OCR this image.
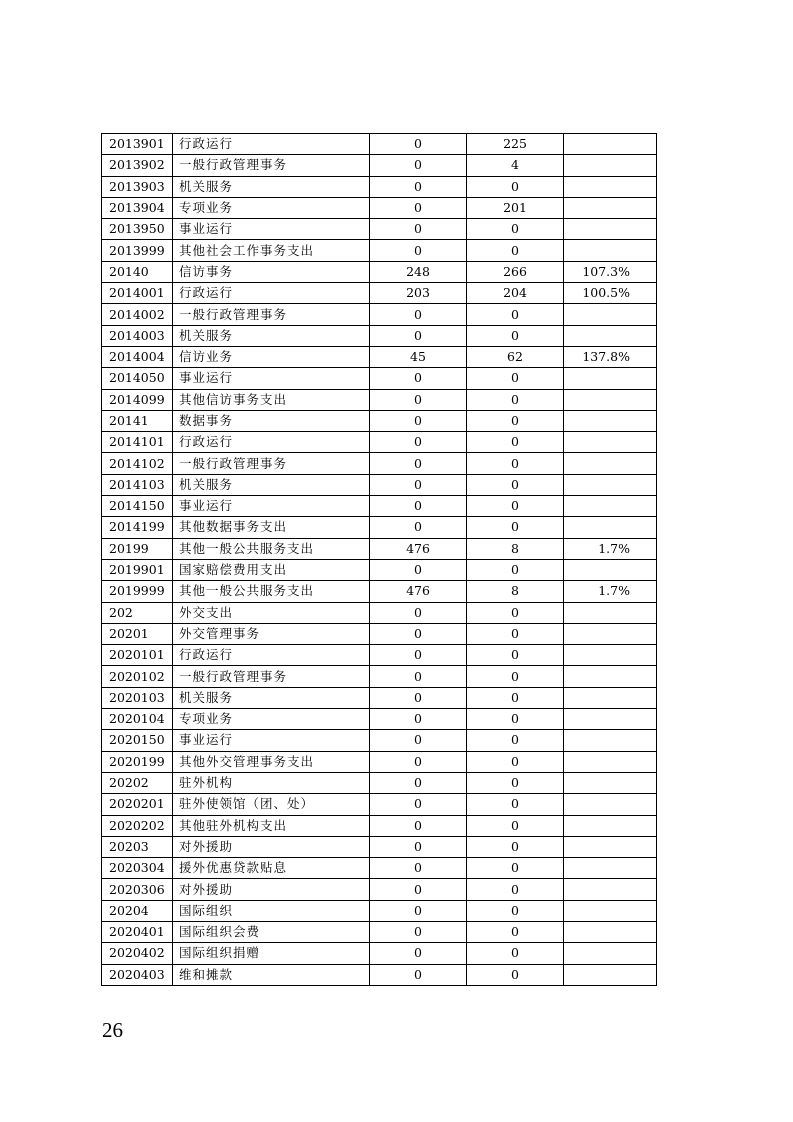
2013901	行政运行	0	225	
2013902	一般行政管理事务	0	4	
2013903	机关服务	0	0	
2013904	专项业务	0	201	
2013950	事业运行	0	0	
2013999	其他社会工作事务支出	0	0	
20140	信访事务	248	266	107.3%
2014001	行政运行	203	204	100.5%
2014002	一般行政管理事务	0	0	
2014003	机关服务	0	0	
2014004	信访业务	45	62	137.8%
2014050	事业运行	0	0	
2014099	其他信访事务支出	0	0	
20141	数据事务	0	0	
2014101	行政运行	0	0	
2014102	一般行政管理事务	0	0	
2014103	机关服务	0	0	
2014150	事业运行	0	0	
2014199	其他数据事务支出	0	0	
20199	其他一般公共服务支出	476	8	1.7%
2019901	国家赔偿费用支出	0	0	
2019999	其他一般公共服务支出	476	8	1.7%
202	外交支出	0	0	
20201	外交管理事务	0	0	
2020101	行政运行	0	0	
2020102	一般行政管理事务	0	0	
2020103	机关服务	0	0	
2020104	专项业务	0	0	
2020150	事业运行	0	0	
2020199	其他外交管理事务支出	0	0	
20202	驻外机构	0	0	
2020201	驻外使领馆（团、处）	0	0	
2020202	其他驻外机构支出	0	0	
20203	对外援助	0	0	
2020304	援外优惠贷款贴息	0	0	
2020306	对外援助	0	0	
20204	国际组织	0	0	
2020401	国际组织会费	0	0	
2020402	国际组织捐赠	0	0	
2020403	维和摊款	0	0	
26
